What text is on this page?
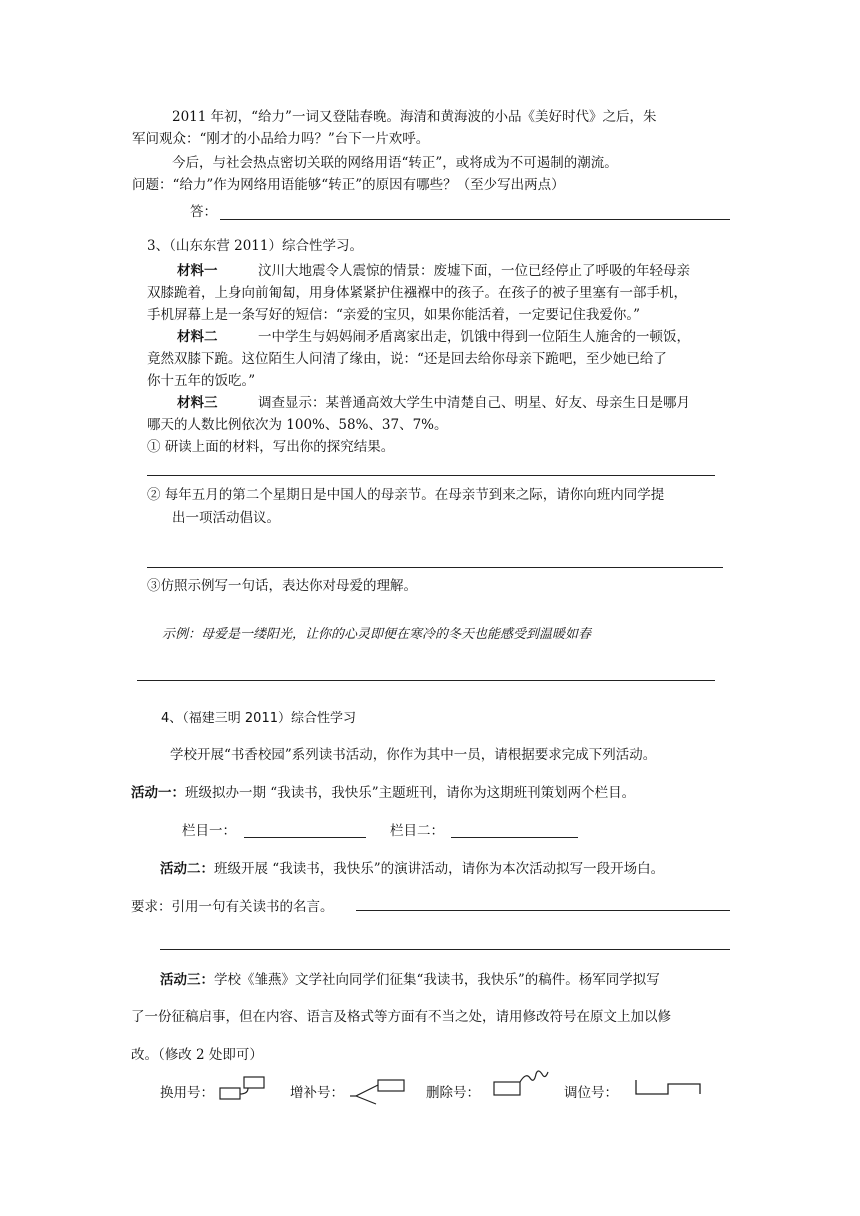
2011 年初，“给力”一词又登陆春晚。海清和黄海波的小品《美好时代》之后，朱
军问观众：“刚才的小品给力吗？”台下一片欢呼。
今后，与社会热点密切关联的网络用语“转正”，或将成为不可遏制的潮流。
问题：“给力”作为网络用语能够“转正”的原因有哪些？（至少写出两点）
答：
3、（山东东营 2011）综合性学习。
材料一	汶川大地震令人震惊的情景：废墟下面，一位已经停止了呼吸的年轻母亲
双膝跪着，上身向前匍匐，用身体紧紧护住襁褓中的孩子。在孩子的被子里塞有一部手机，
手机屏幕上是一条写好的短信：“亲爱的宝贝，如果你能活着，一定要记住我爱你。”
材料二	一中学生与妈妈闹矛盾离家出走，饥饿中得到一位陌生人施舍的一顿饭，
竟然双膝下跪。这位陌生人问清了缘由，说：“还是回去给你母亲下跪吧，至少她已给了
你十五年的饭吃。”
材料三	调查显示：某普通高效大学生中清楚自己、明星、好友、母亲生日是哪月
哪天的人数比例依次为 100%、58%、37、7%。
① 研读上面的材料，写出你的探究结果。
② 每年五月的第二个星期日是中国人的母亲节。在母亲节到来之际，请你向班内同学提
出一项活动倡议。
③仿照示例写一句话，表达你对母爱的理解。
示例：母爱是一缕阳光，让你的心灵即便在寒冷的冬天也能感受到温暖如春
4、（福建三明 2011）综合性学习
学校开展“书香校园”系列读书活动，你作为其中一员，请根据要求完成下列活动。
活动一：班级拟办一期 “我读书，我快乐”主题班刊，请你为这期班刊策划两个栏目。
栏目一：	栏目二：
活动二：班级开展 “我读书，我快乐”的演讲活动，请你为本次活动拟写一段开场白。
要求：引用一句有关读书的名言。
活动三：学校《雏燕》文学社向同学们征集“我读书，我快乐”的稿件。杨军同学拟写
了一份征稿启事，但在内容、语言及格式等方面有不当之处，请用修改符号在原文上加以修
改。（修改 2 处即可）
换用号：	增补号：	删除号：	调位号：
